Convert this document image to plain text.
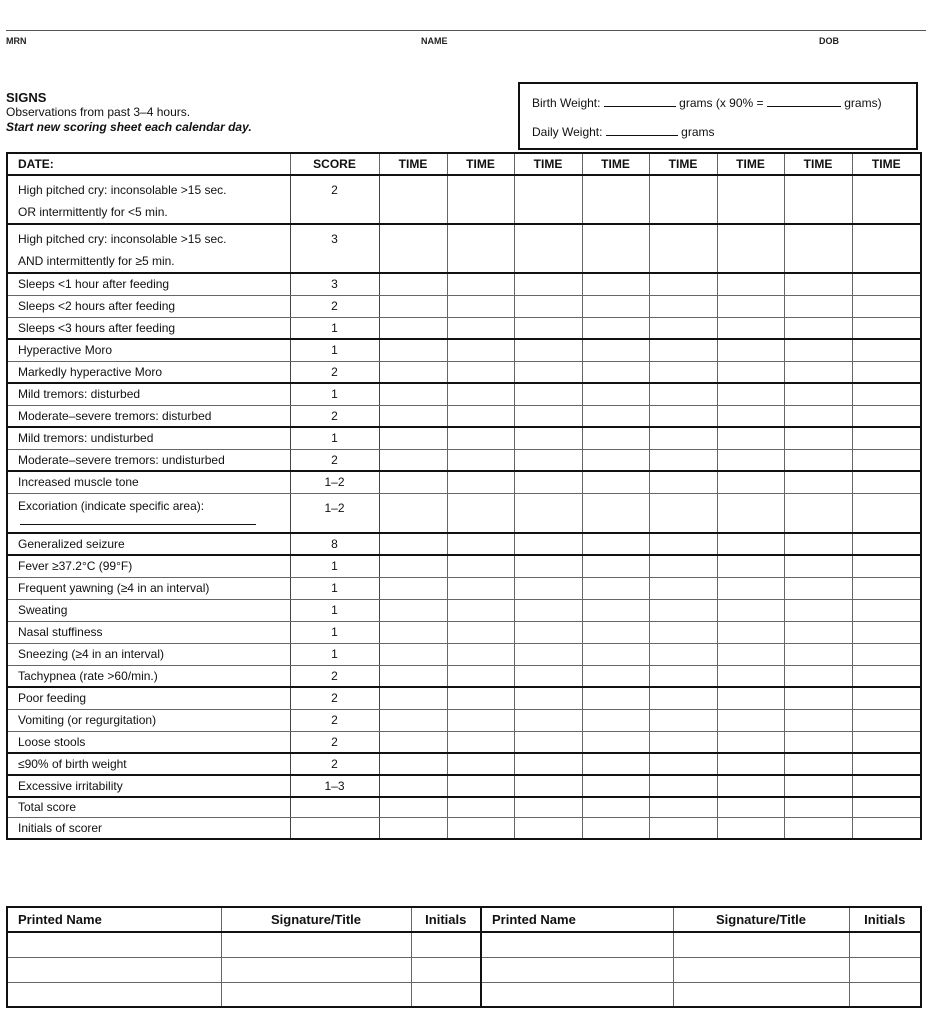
MRN	NAME	DOB
SIGNS
Observations from past 3–4 hours.
Start new scoring sheet each calendar day.
Birth Weight:	grams (x 90% =	grams)
Daily Weight:	grams
DATE:	SCORE	TIME	TIME	TIME	TIME	TIME	TIME	TIME	TIME

High pitched cry: inconsolable >15 sec.
OR intermittently for <5 min.	2								

High pitched cry: inconsolable >15 sec.
AND intermittently for ≥5 min.	3								
Sleeps <1 hour after feeding	3								
Sleeps <2 hours after feeding	2								
Sleeps <3 hours after feeding	1								
Hyperactive Moro	1								
Markedly hyperactive Moro	2								
Mild tremors: disturbed	1								
Moderate–severe tremors: disturbed	2								
Mild tremors: undisturbed	1								
Moderate–severe tremors: undisturbed	2								
Increased muscle tone	1–2								
Excoriation (indicate specific area):	1–2								
Generalized seizure	8								
Fever ≥37.2°C (99°F)	1								
Frequent yawning (≥4 in an interval)	1								
Sweating	1								
Nasal stuffiness	1								
Sneezing (≥4 in an interval)	1								
Tachypnea (rate >60/min.)	2								
Poor feeding	2								
Vomiting (or regurgitation)	2								
Loose stools	2								
≤90% of birth weight	2								
Excessive irritability	1–3								
Total score									
Initials of scorer									
Printed Name	Signature/Title	Initials	Printed Name	Signature/Title	Initials
